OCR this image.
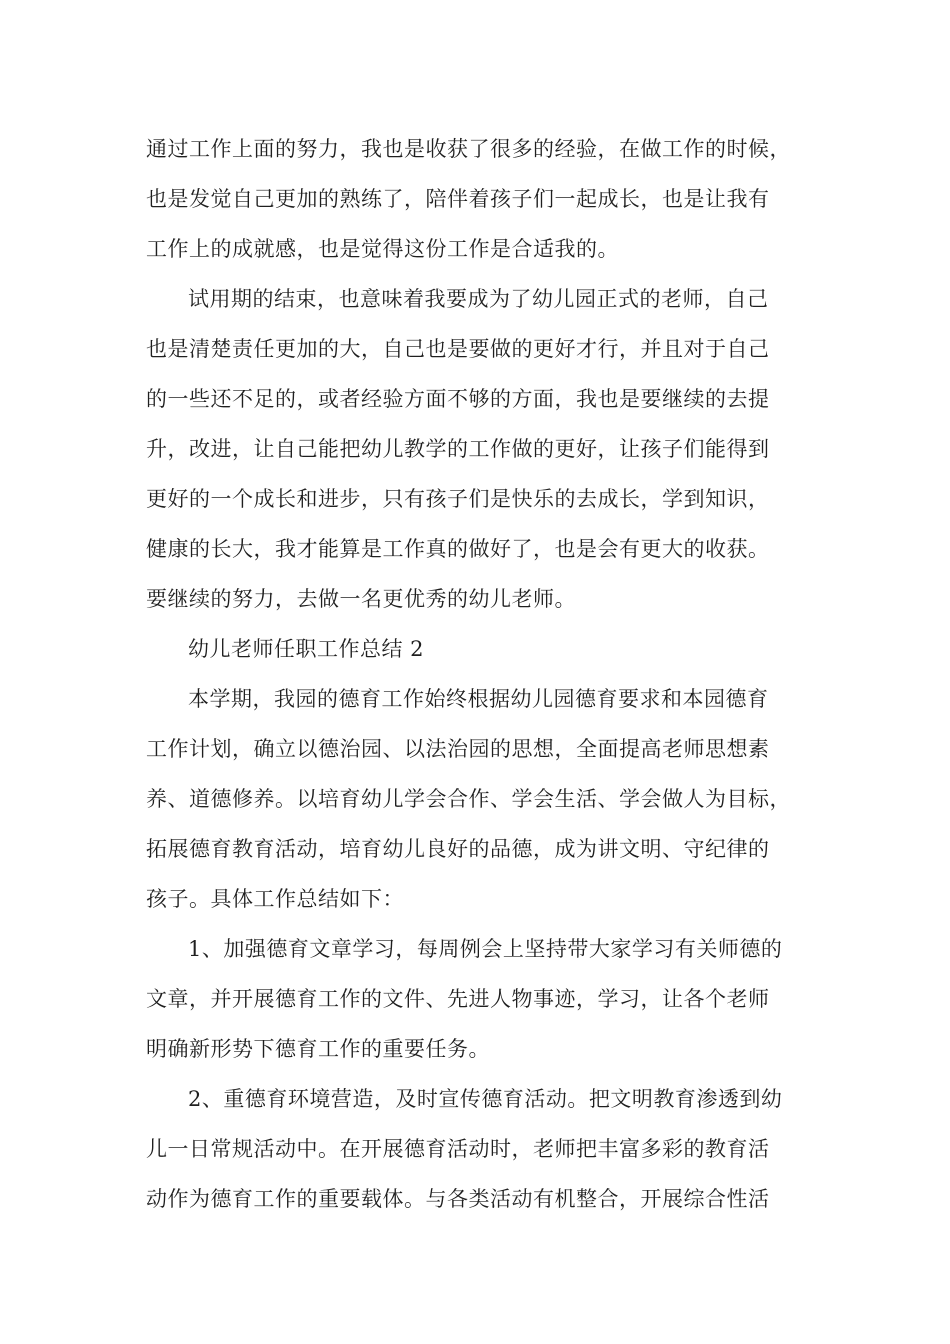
通过工作上面的努力，我也是收获了很多的经验，在做工作的时候，
也是发觉自己更加的熟练了，陪伴着孩子们一起成长，也是让我有
工作上的成就感，也是觉得这份工作是合适我的。
试用期的结束，也意味着我要成为了幼儿园正式的老师，自己
也是清楚责任更加的大，自己也是要做的更好才行，并且对于自己
的一些还不足的，或者经验方面不够的方面，我也是要继续的去提
升，改进，让自己能把幼儿教学的工作做的更好，让孩子们能得到
更好的一个成长和进步，只有孩子们是快乐的去成长，学到知识，
健康的长大，我才能算是工作真的做好了，也是会有更大的收获。
要继续的努力，去做一名更优秀的幼儿老师。
幼儿老师任职工作总结 2
本学期，我园的德育工作始终根据幼儿园德育要求和本园德育
工作计划，确立以德治园、以法治园的思想，全面提高老师思想素
养、道德修养。以培育幼儿学会合作、学会生活、学会做人为目标，
拓展德育教育活动，培育幼儿良好的品德，成为讲文明、守纪律的
孩子。具体工作总结如下：
1、加强德育文章学习，每周例会上坚持带大家学习有关师德的
文章，并开展德育工作的文件、先进人物事迹，学习，让各个老师
明确新形势下德育工作的重要任务。
2、重德育环境营造，及时宣传德育活动。把文明教育渗透到幼
儿一日常规活动中。在开展德育活动时，老师把丰富多彩的教育活
动作为德育工作的重要载体。与各类活动有机整合，开展综合性活
